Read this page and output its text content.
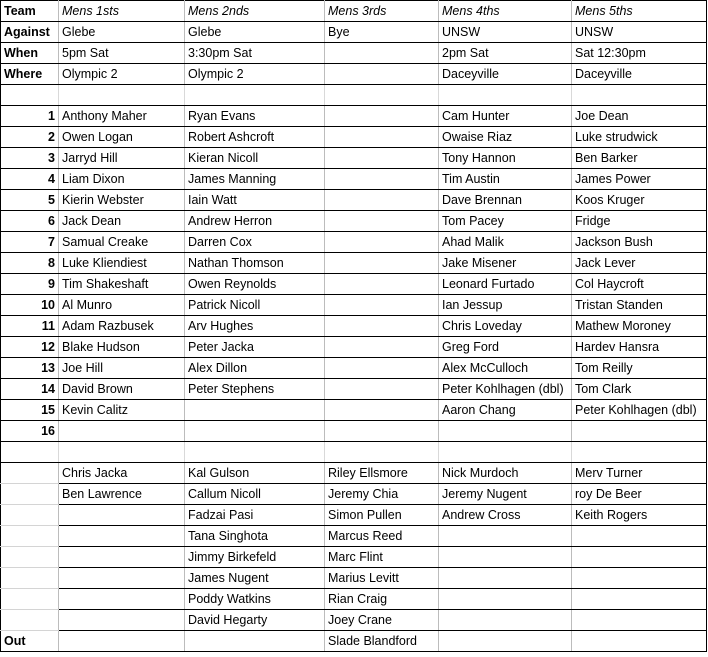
Team	Mens 1sts	Mens 2nds	Mens 3rds	Mens 4ths	Mens 5ths
Against	Glebe	Glebe	Bye	UNSW	UNSW
When	5pm Sat	3:30pm Sat		2pm Sat	Sat 12:30pm
Where	Olympic 2	Olympic 2		Daceyville	Daceyville

1	Anthony Maher	Ryan Evans		Cam Hunter	Joe Dean
2	Owen Logan	Robert Ashcroft		Owaise Riaz	Luke strudwick
3	Jarryd Hill	Kieran Nicoll		Tony Hannon	Ben Barker
4	Liam Dixon	James Manning		Tim Austin	James Power
5	Kierin Webster	Iain Watt		Dave Brennan	Koos Kruger
6	Jack Dean	Andrew Herron		Tom Pacey	Fridge
7	Samual Creake	Darren Cox		Ahad Malik	Jackson Bush
8	Luke Kliendiest	Nathan Thomson		Jake Misener	Jack Lever
9	Tim Shakeshaft	Owen Reynolds		Leonard Furtado	Col Haycroft
10	Al Munro	Patrick Nicoll		Ian Jessup	Tristan Standen
11	Adam Razbusek	Arv Hughes		Chris Loveday	Mathew Moroney
12	Blake Hudson	Peter Jacka		Greg Ford	Hardev Hansra
13	Joe Hill	Alex Dillon		Alex McCulloch	Tom Reilly
14	David Brown	Peter Stephens		Peter Kohlhagen (dbl)	Tom Clark
15	Kevin Calitz			Aaron Chang	Peter Kohlhagen (dbl)
16					

	Chris Jacka	Kal Gulson	Riley Ellsmore	Nick Murdoch	Merv Turner
	Ben Lawrence	Callum Nicoll	Jeremy Chia	Jeremy Nugent	roy De Beer
		Fadzai Pasi	Simon Pullen	Andrew Cross	Keith Rogers
		Tana Singhota	Marcus Reed		
		Jimmy Birkefeld	Marc Flint		
		James Nugent	Marius Levitt		
		Poddy Watkins	Rian Craig		
		David Hegarty	Joey Crane		
Out			Slade Blandford		
